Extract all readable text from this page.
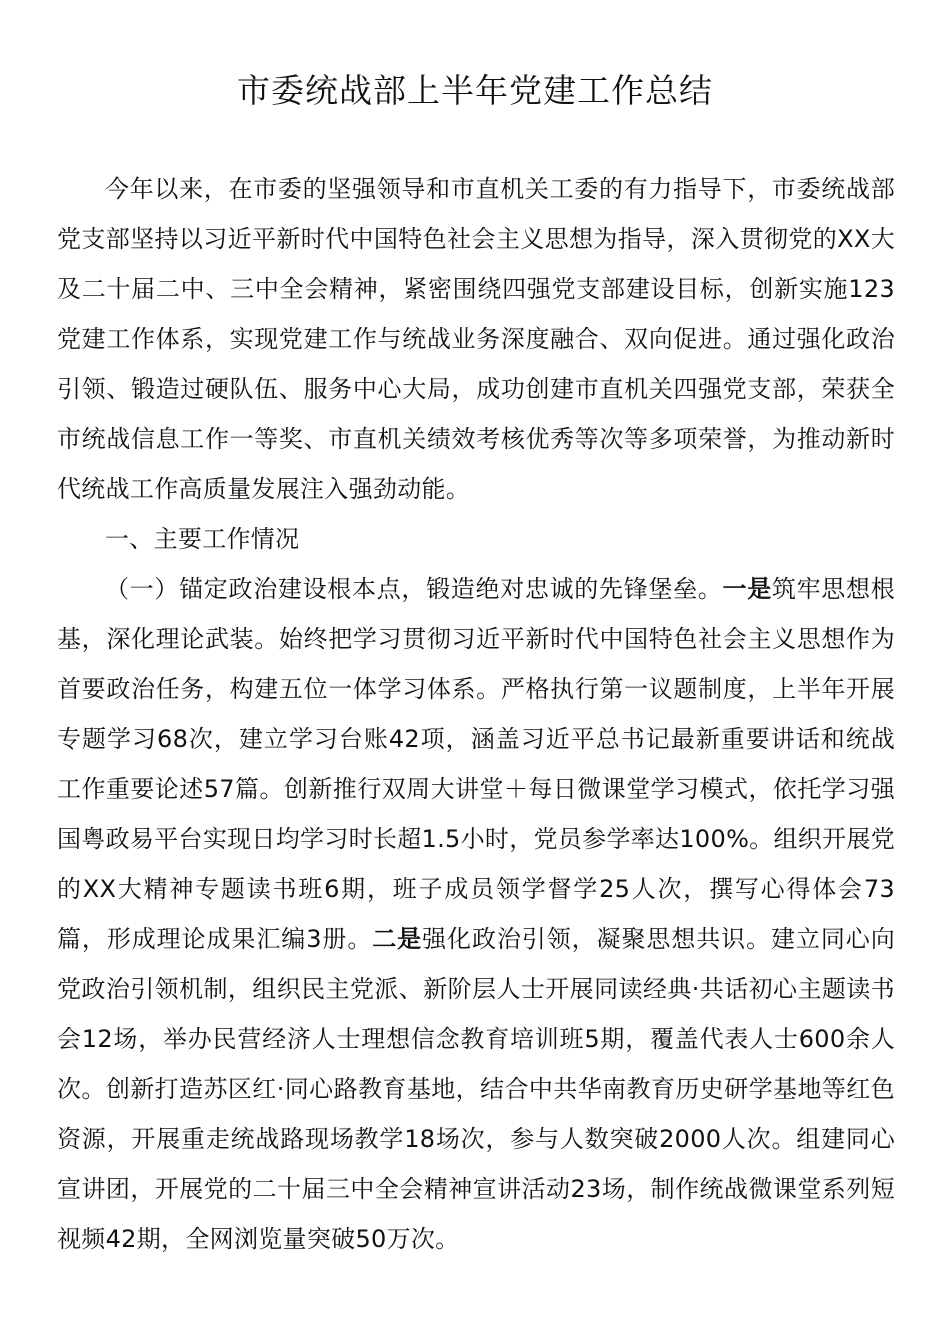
市委统战部上半年党建工作总结

今年以来，在市委的坚强领导和市直机关工委的有力指导下，市委统战部党支部坚持以习近平新时代中国特色社会主义思想为指导，深入贯彻党的XX大及二十届二中、三中全会精神，紧密围绕四强党支部建设目标，创新实施123党建工作体系，实现党建工作与统战业务深度融合、双向促进。通过强化政治引领、锻造过硬队伍、服务中心大局，成功创建市直机关四强党支部，荣获全市统战信息工作一等奖、市直机关绩效考核优秀等次等多项荣誉，为推动新时代统战工作高质量发展注入强劲动能。

一、主要工作情况

（一）锚定政治建设根本点，锻造绝对忠诚的先锋堡垒。一是筑牢思想根基，深化理论武装。始终把学习贯彻习近平新时代中国特色社会主义思想作为首要政治任务，构建五位一体学习体系。严格执行第一议题制度，上半年开展专题学习68次，建立学习台账42项，涵盖习近平总书记最新重要讲话和统战工作重要论述57篇。创新推行双周大讲堂＋每日微课堂学习模式，依托学习强国粤政易平台实现日均学习时长超1.5小时，党员参学率达100%。组织开展党的XX大精神专题读书班6期，班子成员领学督学25人次，撰写心得体会73篇，形成理论成果汇编3册。二是强化政治引领，凝聚思想共识。建立同心向党政治引领机制，组织民主党派、新阶层人士开展同读经典·共话初心主题读书会12场，举办民营经济人士理想信念教育培训班5期，覆盖代表人士600余人次。创新打造苏区红·同心路教育基地，结合中共华南教育历史研学基地等红色资源，开展重走统战路现场教学18场次，参与人数突破2000人次。组建同心宣讲团，开展党的二十届三中全会精神宣讲活动23场，制作统战微课堂系列短视频42期，全网浏览量突破50万次。
